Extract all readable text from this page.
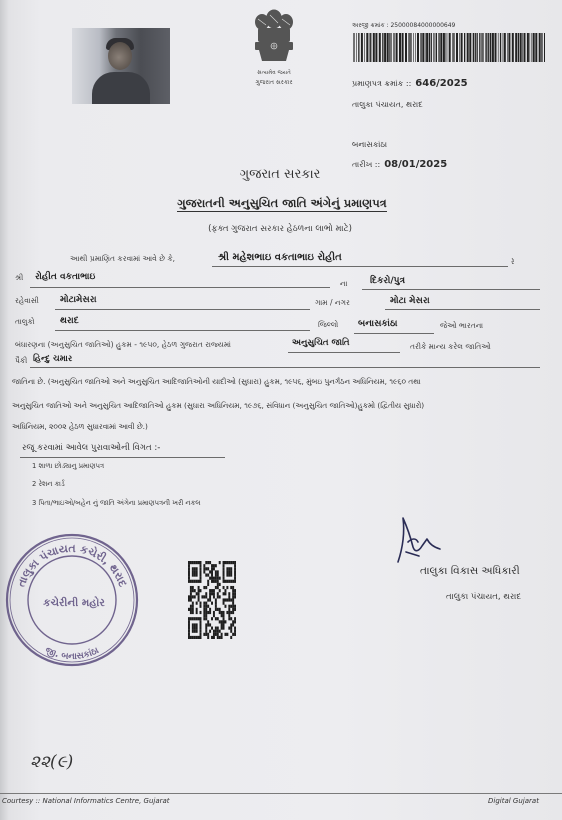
સત્યમેવ જયતે
ગુજરાત સરકાર
અરજી ક્રમાંક : 25000084000000649
પ્રમાણપત્ર ક્રમાંક :: 646/2025
તાલુકા પંચાયત, થરાદ
બનાસકાંઠા
તારીખ :: 08/01/2025
ગુજરાત સરકાર
ગુજરાતની અનુસુચિત જાતિ અંગેનું પ્રમાણપત્ર
(ફક્ત ગુજરાત સરકાર હેઠળના લાભો માટે)
આથી પ્રમાણિત કરવામાં આવે છે કે,	શ્રી મહેશભાઇ વકતાભાઇ રોહીત	રે
શ્રી રોહીત વકતાભાઇ
ના	દિકરો/પુત્ર
રહેવાસી મોટામેસરા	ગામ / નગર	મોટા મેસરા
તાલુકો	થરાદ	જિલ્લો બનાસકાંઠા	જેઓ ભારતના
બંધારણના (અનુસુચિત જાતિઓ) હુકમ - ૧૯૫૦, હેઠળ ગુજરાત રાજ્યમાં	અનુસુચિત જાતિ	તરીકે માન્ય કરેલ જાતિઓ
પૈકી હિન્દુ ચમાર
જાતિના છે. (અનુસુચિત જાતિઓ અને અનુસુચિત આદિજાતિઓની યાદીઓ (સુધારા) હુકમ, ૧૯૫૬, મુંબઇ પુનર્ગઠન અધિનિયમ, ૧૯૬૦ તથા
અનુસુચિત જાતિઓ અને અનુસુચિત આદિજાતિઓ હુકમ (સુધારા અધિનિયમ, ૧૯૭૬, સંવિધાન (અનુસુચિત જાતિઓ)હુકમો (દ્વિતીય સુધારો)
અધિનિયમ, ૨૦૦૨ હેઠળ સુધારવામાં આવી છે.)
રજૂ કરવામાં આવેલ પુરાવાઓની વિગત :-
1 શાળા છોડ્યાનુ પ્રમાણપત્ર
2 રેશન કાર્ડ
3 પિતા/ભાઇઓ/બહેન નું જાતિ અંગેના પ્રમાણપત્રની ખરી નકલ
તાલુકા પંચાયત કચેરી, થરાદ
જી. બનાસકાંઠા
કચેરીની મહોર
તાલુકા વિકાસ અધિકારી
તાલુકા પંચાયત, થરાદ
૨૨(૯)
Courtesy :: National Informatics Centre, Gujarat	Digital Gujarat
